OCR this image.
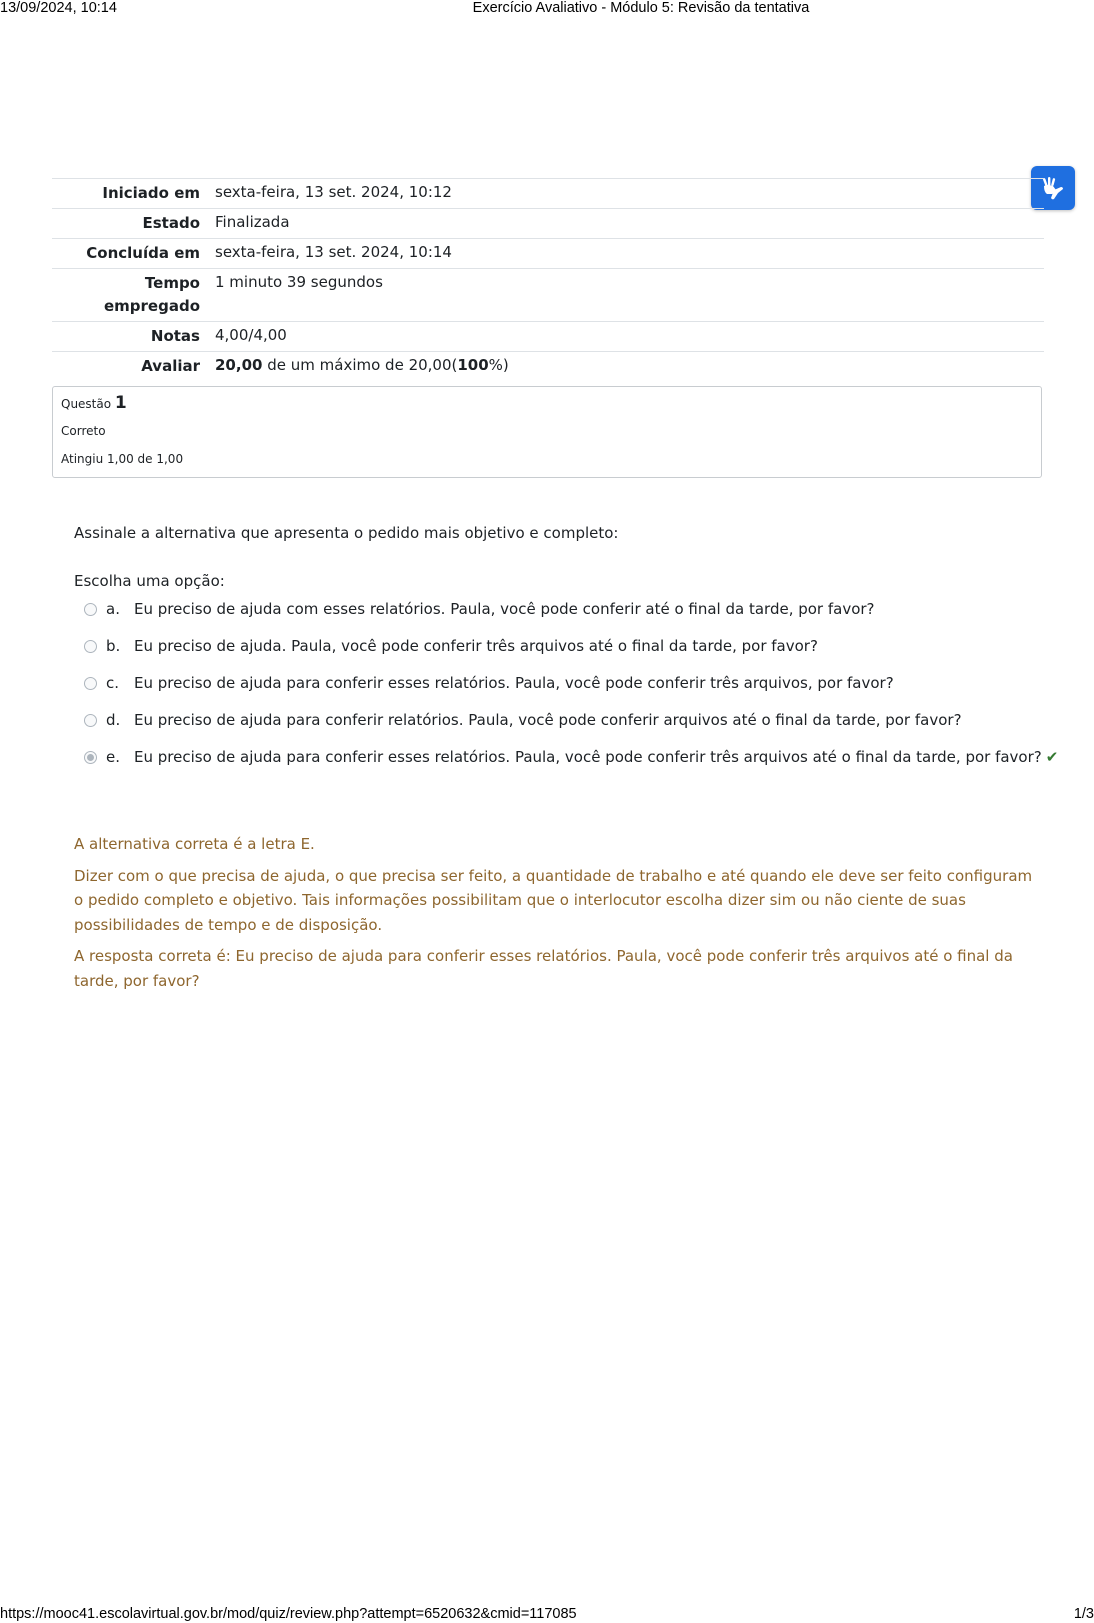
13/09/2024, 10:14	Exercício Avaliativo - Módulo 5: Revisão da tentativa
Iniciado em	sexta-feira, 13 set. 2024, 10:12
Estado	Finalizada
Concluída em	sexta-feira, 13 set. 2024, 10:14
Tempo
empregado	1 minuto 39 segundos
Notas	4,00/4,00
Avaliar	20,00 de um máximo de 20,00(100%)
Questão 1
Correto
Atingiu 1,00 de 1,00
Assinale a alternativa que apresenta o pedido mais objetivo e completo:
Escolha uma opção:
a. Eu preciso de ajuda com esses relatórios. Paula, você pode conferir até o final da tarde, por favor?
b. Eu preciso de ajuda. Paula, você pode conferir três arquivos até o final da tarde, por favor?
c. Eu preciso de ajuda para conferir esses relatórios. Paula, você pode conferir três arquivos, por favor?
d. Eu preciso de ajuda para conferir relatórios. Paula, você pode conferir arquivos até o final da tarde, por favor?
e. Eu preciso de ajuda para conferir esses relatórios. Paula, você pode conferir três arquivos até o final da tarde, por favor? ✔

A alternativa correta é a letra E.

Dizer com o que precisa de ajuda, o que precisa ser feito, a quantidade de trabalho e até quando ele deve ser feito configuram o pedido completo e objetivo. Tais informações possibilitam que o interlocutor escolha dizer sim ou não ciente de suas possibilidades de tempo e de disposição.

A resposta correta é: Eu preciso de ajuda para conferir esses relatórios. Paula, você pode conferir três arquivos até o final da tarde, por favor?

https://mooc41.escolavirtual.gov.br/mod/quiz/review.php?attempt=6520632&cmid=117085	1/3
